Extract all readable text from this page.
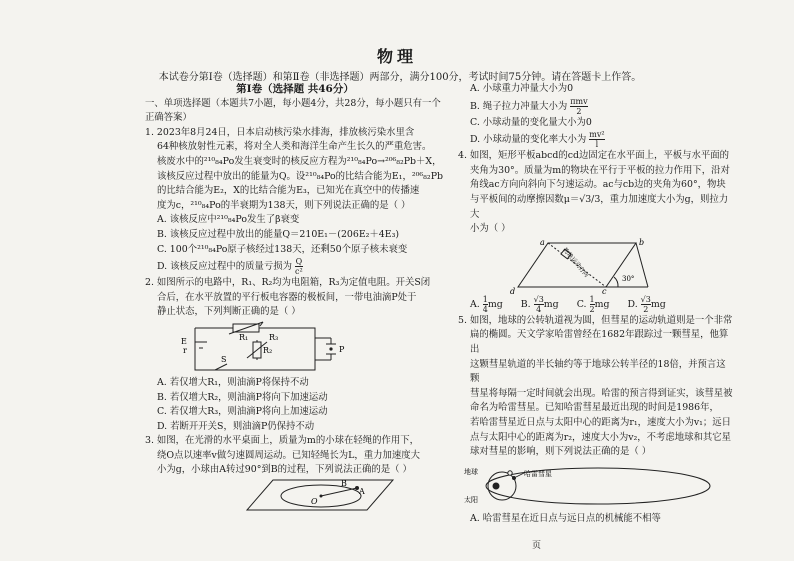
物理
本试卷分第Ⅰ卷（选择题）和第Ⅱ卷（非选择题）两部分，满分100分，考试时间75分钟。请在答题卡上作答。
第Ⅰ卷（选择题 共46分）
一、单项选择题（本题共7小题，每小题4分，共28分，每小题只有一个正确答案）
1. 2023年8月24日，日本启动核污染水排海，排放核污染水里含
64种核放射性元素，将对全人类和海洋生命产生长久的严重危害。
核废水中的²¹⁰₈₄Po发生衰变时的核反应方程为²¹⁰₈₄Po→²⁰⁶₈₂Pb＋X，
该核反应过程中放出的能量为Q。设²¹⁰₈₄Po的比结合能为E₁，²⁰⁶₈₂Pb
的比结合能为E₂，X的比结合能为E₃，已知光在真空中的传播速
度为c，²¹⁰₈₄Po的半衰期为138天，则下列说法正确的是（ ）
A. 该核反应中²¹⁰₈₄Po发生了β衰变
B. 该核反应过程中放出的能量Q＝210E₁－(206E₂＋4E₃)
C. 100个²¹⁰₈₄Po原子核经过138天，还剩50个原子核未衰变
D. 该核反应过程中的质量亏损为 $\frac{Q}{\text{c²}}$
2. 如图所示的电路中，R₁、R₂均为电阻箱，R₃为定值电阻。开关S闭
合后，在水平放置的平行板电容器的极板间，一带电油滴P处于
静止状态，下列判断正确的是（ ）
R₁
R₂
R₃
E
r
S
P
A. 若仅增大R₁，则油滴P将保持不动
B. 若仅增大R₂，则油滴P将向下加速运动
C. 若仅增大R₃，则油滴P将向上加速运动
D. 若断开开关S，则油滴P仍保持不动
3. 如图，在光滑的水平桌面上，质量为m的小球在轻绳的作用下，
绕O点以速率v做匀速圆周运动。已知轻绳长为L，重力加速度大
小为g，小球由A转过90°到B的过程，下列说法正确的是（ ）
O
A
B
A. 小球重力冲量大小为0
B. 绳子拉力冲量大小为 $\frac{\text{πmv}}{2}$
C. 小球动量的变化量大小为0
D. 小球动量的变化率大小为 $\frac{\text{mv²}}{l}$
4. 如图，矩形平板abcd的cd边固定在水平面上，平板与水平面的
夹角为30°。质量为m的物块在平行于平板的拉力作用下，沿对
角线ac方向向斜向下匀速运动。ac与cb边的夹角为60°，物块
与平板间的动摩擦因数μ＝√3/3，重力加速度大小为g，则拉力大
小为（ ）
物块运动方向
a	b
c
d
30°
A. $\frac{1}{4}$ mg B. $\frac{√3}{4}$ mg C. $\frac{1}{2}$ mg D. $\frac{√3}{2}$ mg
5. 如图，地球的公转轨道视为圆，但彗星的运动轨道则是一个非常
扁的椭圆。天文学家哈雷曾经在1682年跟踪过一颗彗星，他算出
这颗彗星轨道的半长轴约等于地球公转半径的18倍，并预言这颗
彗星将每隔一定时间就会出现。哈雷的预言得到证实，该彗星被
命名为哈雷彗星。已知哈雷彗星最近出现的时间是1986年，
若哈雷彗星近日点与太阳中心的距离为r₁，速度大小为v₁；远日
点与太阳中心的距离为r₂，速度大小为v₂，不考虑地球和其它星
球对彗星的影响，则下列说法正确的是（ ）
地球	哈雷彗星
太阳
A. 哈雷彗星在近日点与远日点的机械能不相等
页
